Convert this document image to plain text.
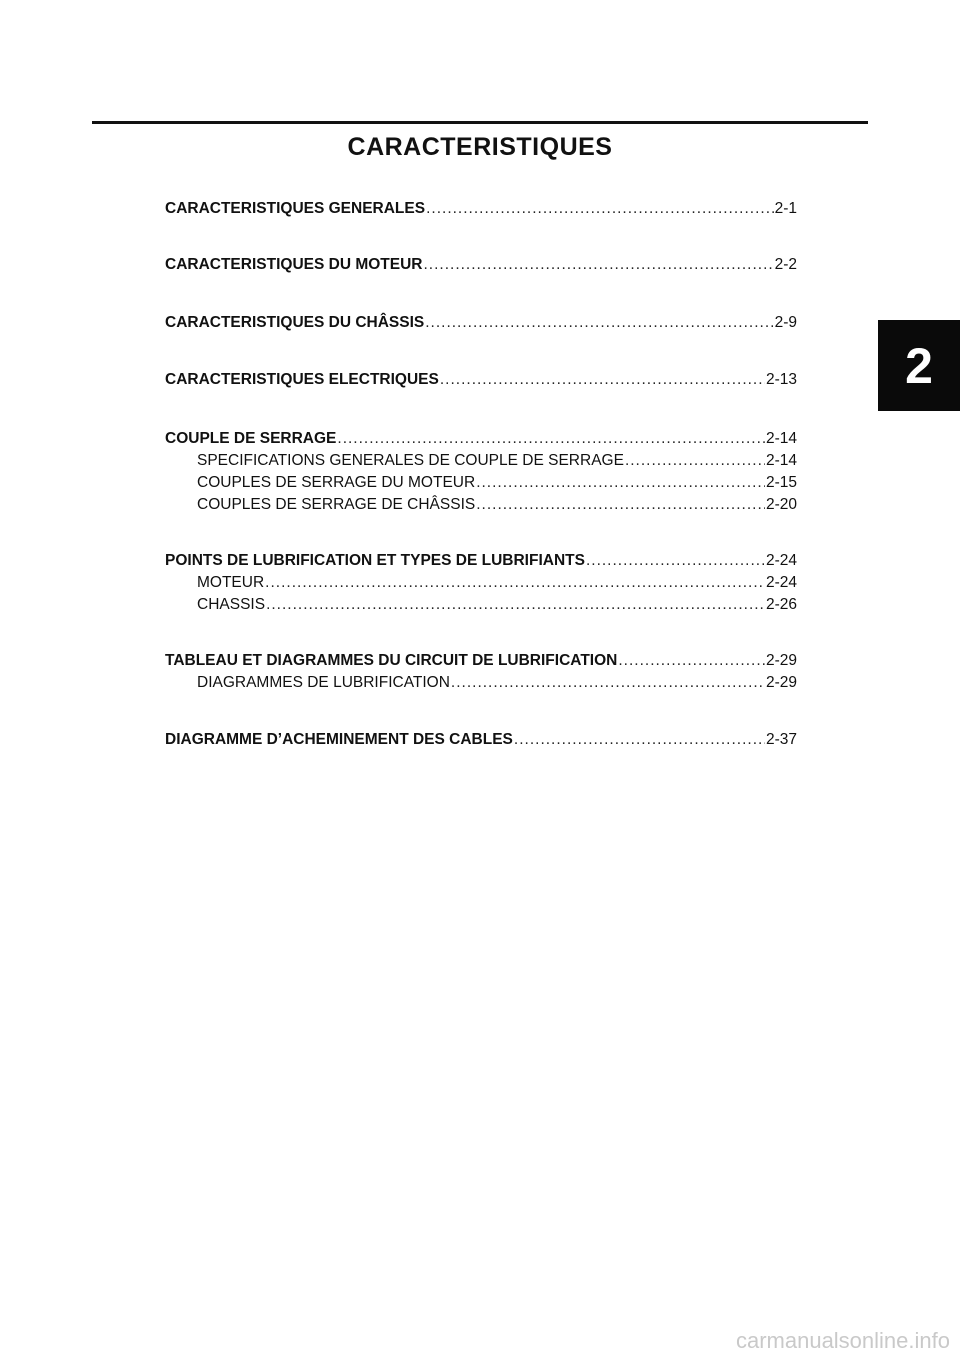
CARACTERISTIQUES
CARACTERISTIQUES GENERALES .....	2-1
CARACTERISTIQUES DU MOTEUR .....	2-2
CARACTERISTIQUES DU CHÂSSIS .....	2-9
CARACTERISTIQUES ELECTRIQUES .....	2-13
COUPLE DE SERRAGE .....	2-14
SPECIFICATIONS GENERALES DE COUPLE DE SERRAGE .....	2-14
COUPLES DE SERRAGE DU MOTEUR .....	2-15
COUPLES DE SERRAGE DE CHÂSSIS .....	2-20
POINTS DE LUBRIFICATION ET TYPES DE LUBRIFIANTS .....	2-24
MOTEUR .....	2-24
CHASSIS .....	2-26
TABLEAU ET DIAGRAMMES DU CIRCUIT DE LUBRIFICATION .....	2-29
DIAGRAMMES DE LUBRIFICATION .....	2-29
DIAGRAMME D’ACHEMINEMENT DES CABLES .....	2-37
2
carmanualsonline.info
